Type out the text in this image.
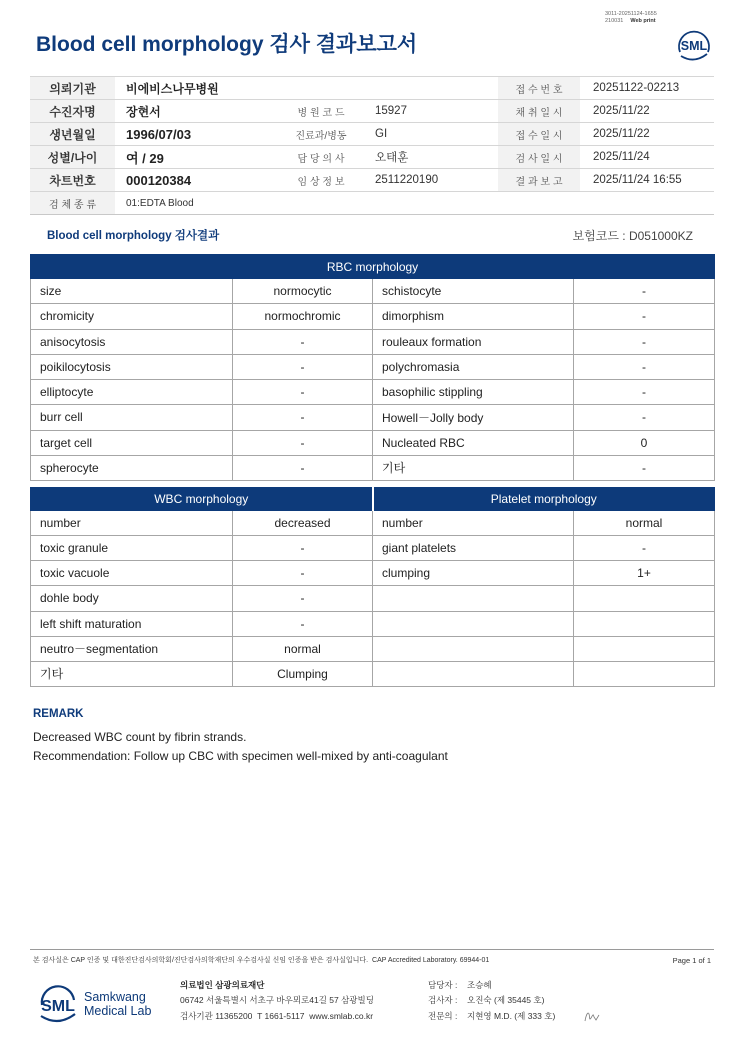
3011-20251124-1655
210031 Web print
Blood cell morphology 검사 결과보고서	SML
의뢰기관	비에비스나무병원			접 수 번 호	20251122-02213
수진자명	장현서	병 원 코 드	15927	채 취 일 시	2025/11/22
생년월일	1996/07/03	진료과/병동	GI	접 수 일 시	2025/11/22
성별/나이	여 / 29	담 당 의 사	오태훈	검 사 일 시	2025/11/24
차트번호	000120384	임 상 정 보	2511220190	결 과 보 고	2025/11/24 16:55
검 체 종 류	01:EDTA Blood				
Blood cell morphology 검사결과	보험코드 : D051000KZ
RBC morphology			
size	normocytic	schistocyte	-
chromicity	normochromic	dimorphism	-
anisocytosis	-	rouleaux formation	-
poikilocytosis	-	polychromasia	-
elliptocyte	-	basophilic stippling	-
burr cell	-	Howell－Jolly body	-
target cell	-	Nucleated RBC	0
spherocyte	-	기타	-
WBC morphology		Platelet morphology	
number	decreased	number	normal
toxic granule	-	giant platelets	-
toxic vacuole	-	clumping	1+
dohle body	-		
left shift maturation	-		
neutro－segmentation	normal		
기타	Clumping		
REMARK
Decreased WBC count by fibrin strands.
Recommendation: Follow up CBC with specimen well-mixed by anti-coagulant
본 검사실은 CAP 인증 및 대한진단검사의학회/진단검사의학재단의 우수검사실 신임 인증을 받은 검사실입니다.  CAP Accredited Laboratory. 69944-01	Page 1 of 1
SML
Samkwang
Medical Lab
의료법인 삼광의료재단
06742 서울특별시 서초구 바우뫼로41길 57 삼광빌딩
검사기관 11365200  T 1661-5117  www.smlab.co.kr
담당자 : 조승혜
검사자 : 오진숙 (제 35445 호)
전문의 : 지현영 M.D. (제 333 호)
